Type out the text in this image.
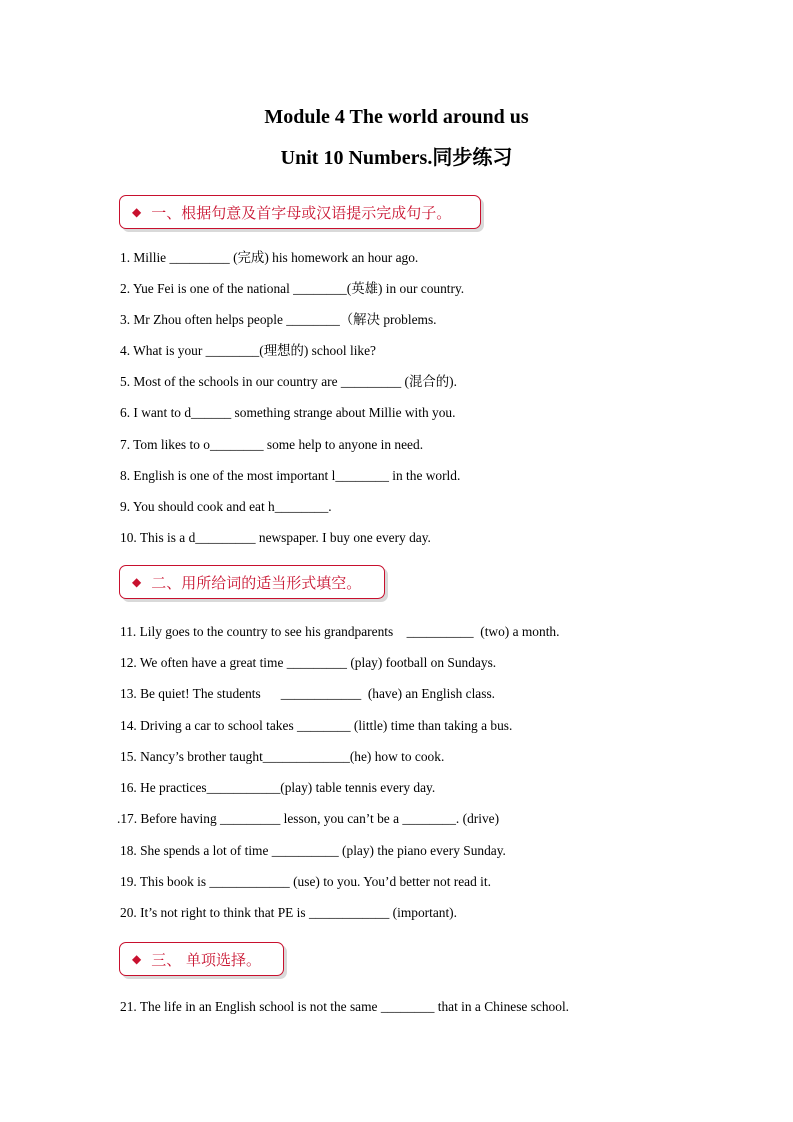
Module 4 The world around us
Unit 10 Numbers.同步练习
◆ 一、根据句意及首字母或汉语提示完成句子。
1. Millie _________ (完成) his homework an hour ago.
2. Yue Fei is one of the national ________(英雄) in our country.
3. Mr Zhou often helps people ________（解决 problems.
4. What is your ________(理想的) school like?
5. Most of the schools in our country are _________ (混合的).
6. I want to d______ something strange about Millie with you.
7. Tom likes to o________ some help to anyone in need.
8. English is one of the most important l________ in the world.
9. You should cook and eat h________.
10. This is a d_________ newspaper. I buy one every day.
◆ 二、用所给词的适当形式填空。
11. Lily goes to the country to see his grandparents    __________  (two) a month.
12. We often have a great time _________ (play) football on Sundays.
13. Be quiet! The students      ____________  (have) an English class.
14. Driving a car to school takes ________ (little) time than taking a bus.
15. Nancy’s brother taught_____________(he) how to cook.
16. He practices___________(play) table tennis every day.
.17. Before having _________ lesson, you can’t be a ________. (drive)
18. She spends a lot of time __________ (play) the piano every Sunday.
19. This book is ____________ (use) to you. You’d better not read it.
20. It’s not right to think that PE is ____________ (important).
◆ 三、 单项选择。
21. The life in an English school is not the same ________ that in a Chinese school.
